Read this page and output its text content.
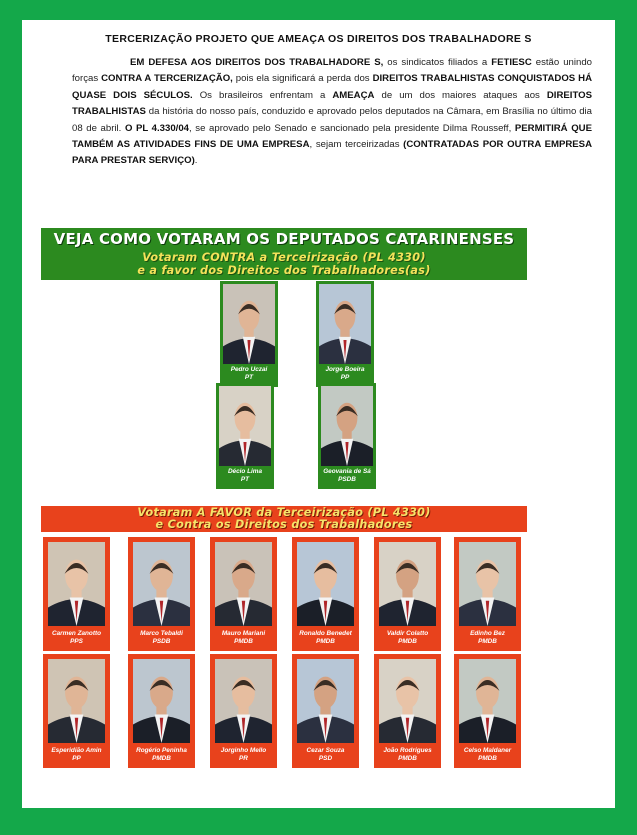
TERCERIZAÇÃO PROJETO QUE AMEAÇA OS DIREITOS DOS TRABALHADORE S
EM DEFESA AOS DIREITOS DOS TRABALHADORE S, os sindicatos filiados a FETIESC estão unindo forças CONTRA A TERCERIZAÇÃO, pois ela significará a perda dos DIREITOS TRABALHISTAS CONQUISTADOS HÁ QUASE DOIS SÉCULOS. Os brasileiros enfrentam a AMEAÇA de um dos maiores ataques aos DIREITOS TRABALHISTAS da história do nosso país, conduzido e aprovado pelos deputados na Câmara, em Brasília no último dia 08 de abril. O PL 4.330/04, se aprovado pelo Senado e sancionado pela presidente Dilma Rousseff, PERMITIRÁ QUE TAMBÉM AS ATIVIDADES FINS DE UMA EMPRESA, sejam terceirizadas (CONTRATADAS POR OUTRA EMPRESA PARA PRESTAR SERVIÇO).
VEJA COMO VOTARAM OS DEPUTADOS CATARINENSES
Votaram CONTRA a Terceirização (PL 4330)
e a favor dos Direitos dos Trabalhadores(as)
Pedro Uczai
PT
Jorge Boeira
PP
Décio Lima
PT
Geovania de Sá
PSDB
Votaram A FAVOR da Terceirização (PL 4330)
e Contra os Direitos dos Trabalhadores
Carmen Zanotto
PPS
Marco Tebaldi
PSDB
Mauro Mariani
PMDB
Ronaldo Benedet
PMDB
Valdir Colatto
PMDB
Edinho Bez
PMDB
Esperidião Amin
PP
Rogério Peninha
PMDB
Jorginho Mello
PR
Cezar Souza
PSD
João Rodrigues
PMDB
Celso Maldaner
PMDB
